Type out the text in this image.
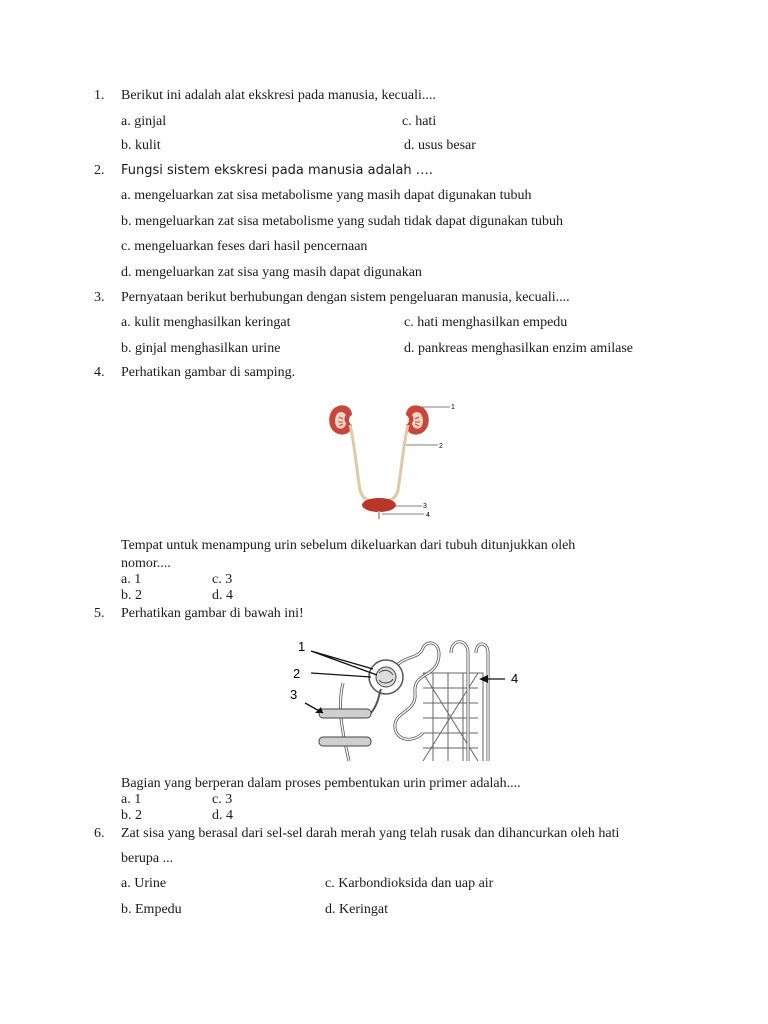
1. Berikut ini adalah alat ekskresi pada manusia, kecuali....
a. ginjal	c. hati
b. kulit	d. usus besar
2. Fungsi sistem ekskresi pada manusia adalah ….
a. mengeluarkan zat sisa metabolisme yang masih dapat digunakan tubuh
b. mengeluarkan zat sisa metabolisme yang sudah tidak dapat digunakan tubuh
c. mengeluarkan feses dari hasil pencernaan
d. mengeluarkan zat sisa yang masih dapat digunakan
3. Pernyataan berikut berhubungan dengan sistem pengeluaran manusia, kecuali....
a. kulit menghasilkan keringat	c. hati menghasilkan empedu
b. ginjal menghasilkan urine	d. pankreas menghasilkan enzim amilase
4. Perhatikan gambar di samping.
1
2
3
4
Tempat untuk menampung urin sebelum dikeluarkan dari tubuh ditunjukkan oleh
nomor....
a. 1	c. 3
b. 2	d. 4
5. Perhatikan gambar di bawah ini!
1
2
3
4
Bagian yang berperan dalam proses pembentukan urin primer adalah....
a. 1	c. 3
b. 2	d. 4
6. Zat sisa yang berasal dari sel-sel darah merah yang telah rusak dan dihancurkan oleh hati
berupa ...
a. Urine	c. Karbondioksida dan uap air
b. Empedu	d. Keringat
